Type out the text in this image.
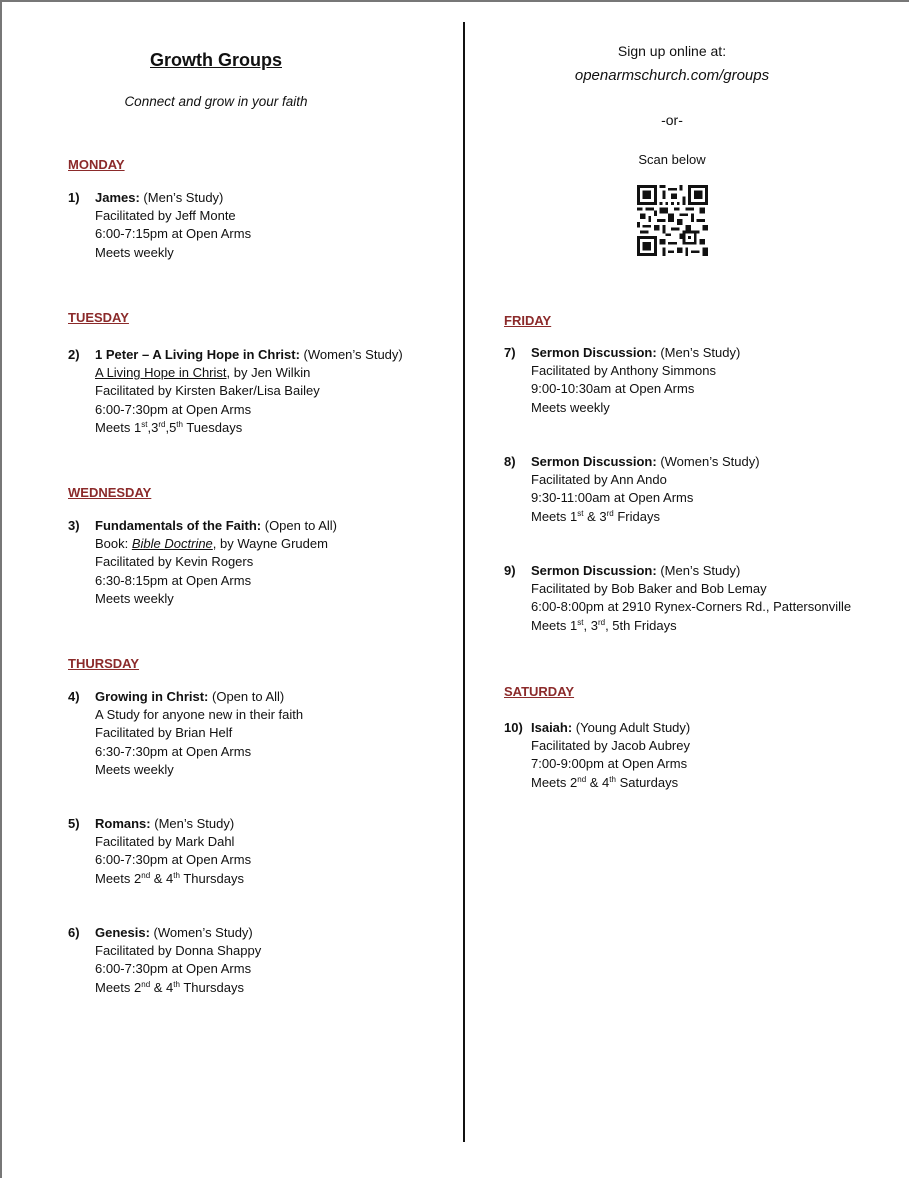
Growth Groups
Connect and grow in your faith
MONDAY
1) James: (Men’s Study)
Facilitated by Jeff Monte
6:00-7:15pm at Open Arms
Meets weekly
TUESDAY
2) 1 Peter – A Living Hope in Christ: (Women’s Study)
A Living Hope in Christ, by Jen Wilkin
Facilitated by Kirsten Baker/Lisa Bailey
6:00-7:30pm at Open Arms
Meets 1st,3rd,5th Tuesdays
WEDNESDAY
3) Fundamentals of the Faith: (Open to All)
Book: Bible Doctrine, by Wayne Grudem
Facilitated by Kevin Rogers
6:30-8:15pm at Open Arms
Meets weekly
THURSDAY
4) Growing in Christ: (Open to All)
A Study for anyone new in their faith
Facilitated by Brian Helf
6:30-7:30pm at Open Arms
Meets weekly
5) Romans: (Men’s Study)
Facilitated by Mark Dahl
6:00-7:30pm at Open Arms
Meets 2nd & 4th Thursdays
6) Genesis: (Women’s Study)
Facilitated by Donna Shappy
6:00-7:30pm at Open Arms
Meets 2nd & 4th Thursdays
Sign up online at:
openarmschurch.com/groups
-or-
Scan below
FRIDAY
7) Sermon Discussion: (Men’s Study)
Facilitated by Anthony Simmons
9:00-10:30am at Open Arms
Meets weekly
8) Sermon Discussion: (Women’s Study)
Facilitated by Ann Ando
9:30-11:00am at Open Arms
Meets 1st & 3rd Fridays
9) Sermon Discussion: (Men’s Study)
Facilitated by Bob Baker and Bob Lemay
6:00-8:00pm at 2910 Rynex-Corners Rd., Pattersonville
Meets 1st, 3rd, 5th Fridays
SATURDAY
10) Isaiah: (Young Adult Study)
Facilitated by Jacob Aubrey
7:00-9:00pm at Open Arms
Meets 2nd & 4th Saturdays
